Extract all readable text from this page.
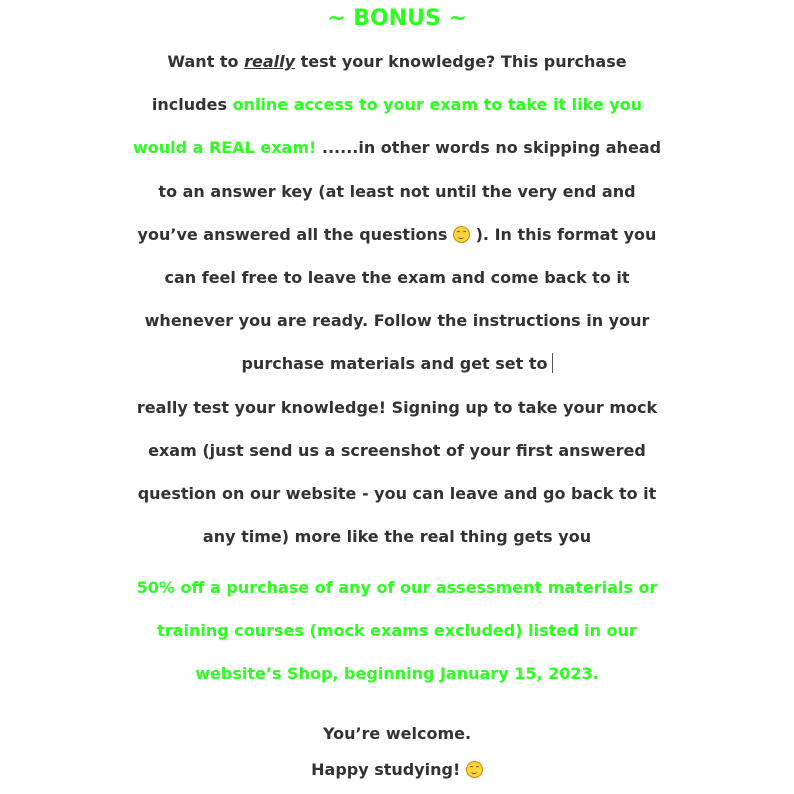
~ BONUS ~
Want to really test your knowledge? This purchase includes online access to your exam to take it like you would a REAL exam! ......in other words no skipping ahead to an answer key (at least not until the very end and you’ve answered all the questions
). In this format you can feel free to leave the exam and come back to it whenever you are ready. Follow the instructions in your purchase materials and get set to
really test your knowledge! Signing up to take your mock exam (just send us a screenshot of your first answered question on our website - you can leave and go back to it any time) more like the real thing gets you
50% off a purchase of any of our assessment materials or training courses (mock exams excluded) listed in our website’s Shop, beginning January 15, 2023.
You’re welcome.
Happy studying!
